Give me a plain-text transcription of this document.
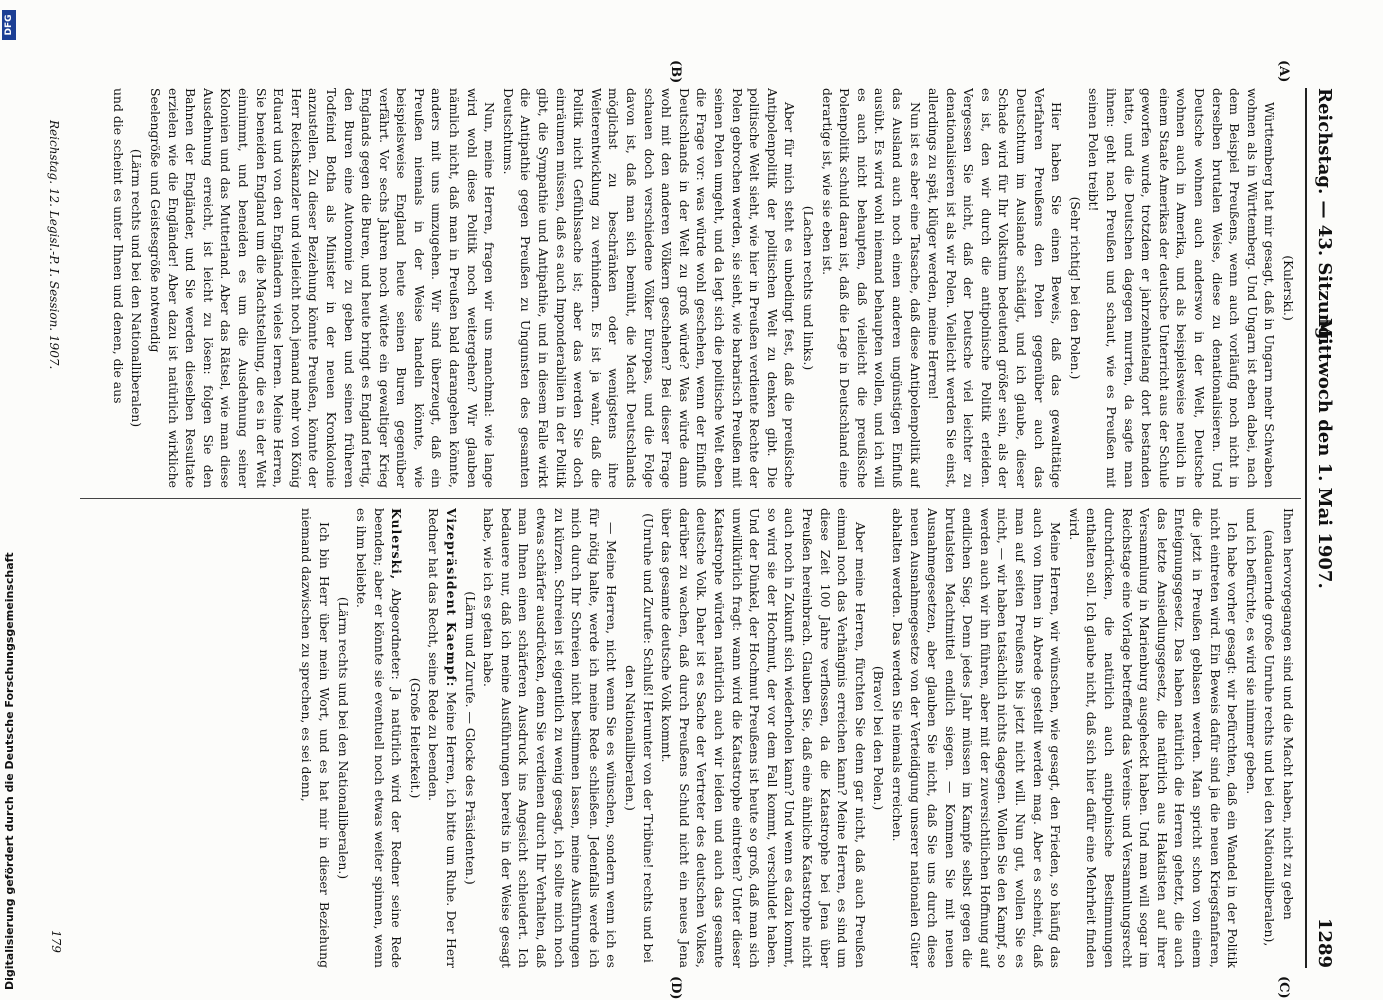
Reichstag. — 43. Sitzung.
Mittwoch den 1. Mai 1907.
1289
(A)
(B)
(C)
(D)

(Kulerski.)

Württemberg hat mir gesagt, daß in Ungarn mehr Schwaben wohnen als in Württemberg. Und Ungarn ist eben dabei, nach dem Beispiel Preußens, wenn auch vorläufig noch nicht in derselben brutalen Weise, diese zu denationalisieren. Und Deutsche wohnen auch anderswo in der Welt, Deutsche wohnen auch in Amerika, und als beispielsweise neulich in einem Staate Amerikas der deutsche Unterricht aus der Schule geworfen wurde, trotzdem er jahrzehntelang dort bestanden hatte, und die Deutschen dagegen murrten, da sagte man ihnen: geht nach Preußen und schaut, wie es Preußen mit seinen Polen treibt!

(Sehr richtig! bei den Polen.)

Hier haben Sie einen Beweis, daß das gewalttätige Verfahren Preußens den Polen gegenüber auch das Deutschtum im Auslande schädigt, und ich glaube, dieser Schade wird für Ihr Volkstum bedeutend größer sein, als der es ist, den wir durch die antipolnische Politik erleiden. Vergessen Sie nicht, daß der Deutsche viel leichter zu denationalisieren ist als wir Polen. Vielleicht werden Sie einst, allerdings zu spät, klüger werden, meine Herren!

Nun ist es aber eine Tatsache, daß diese Antipolenpolitik auf das Ausland auch noch einen anderen ungünstigen Einfluß ausübt. Es wird wohl niemand behaupten wollen, und ich will es auch nicht behaupten, daß vielleicht die preußische Polenpolitik schuld daran ist, daß die Lage in Deutschland eine derartige ist, wie sie eben ist.

(Lachen rechts und links.)

Aber für mich steht es unbedingt fest, daß die preußische Antipolenpolitik der politischen Welt zu denken gibt. Die politische Welt sieht, wie hier in Preußen verdiente Rechte der Polen gebrochen werden, sie sieht, wie barbarisch Preußen mit seinen Polen umgeht, und da legt sich die politische Welt eben die Frage vor: was würde wohl geschehen, wenn der Einfluß Deutschlands in der Welt zu groß würde? Was würde dann wohl mit den anderen Völkern geschehen? Bei dieser Frage schauen doch verschiedene Völker Europas, und die Folge davon ist, daß man sich bemüht, die Macht Deutschlands möglichst zu beschränken oder wenigstens ihre Weiterentwicklung zu verhindern. Es ist ja wahr, daß die Politik nicht Gefühlssache ist; aber das werden Sie doch einräumen müssen, daß es auch Imponderabilien in der Politik gibt, die Sympathie und Antipathie, und in diesem Falle wirkt die Antipathie gegen Preußen zu Ungunsten des gesamten Deutschtums.

Nun, meine Herren, fragen wir uns manchmal: wie lange wird wohl diese Politik noch weitergehen? Wir glauben nämlich nicht, daß man in Preußen bald darangehen könnte, anders mit uns umzugehen. Wir sind überzeugt, daß ein Preußen niemals in der Weise handeln könnte, wie beispielsweise England heute seinen Buren gegenüber verfährt. Vor sechs Jahren noch wütete ein gewaltiger Krieg Englands gegen die Buren, und heute bringt es England fertig, den Buren eine Autonomie zu geben und seinen früheren Todfeind Botha als Minister in der neuen Kronkolonie anzustellen. Zu dieser Beziehung könnte Preußen, könnte der Herr Reichskanzler und vielleicht noch jemand mehr von König Eduard und von den Engländern vieles lernen. Meine Herren, Sie beneiden England um die Machtstellung, die es in der Welt einnimmt, und beneiden es um die Ausdehnung seiner Kolonien und das Mutterland. Aber das Rätsel, wie man diese Ausdehnung erreicht, ist leicht zu lösen: folgen Sie den Bahnen der Engländer, und Sie werden dieselben Resultate erzielen wie die Engländer! Aber dazu ist natürlich wirkliche Seelengröße und Geistesgröße notwendig

(Lärm rechts und bei den Nationalliberalen)

und die scheint es unter Ihnen und denen, die aus

Ihnen hervorgegangen sind und die Macht haben, nicht zu geben

(andauernde große Unruhe rechts und bei den Nationalliberalen),

und ich befürchte, es wird sie nimmer geben.

Ich habe vorher gesagt: wir befürchten, daß ein Wandel in der Politik nicht eintreten wird. Ein Beweis dafür sind ja die neuen Kriegsfanfaren, die jetzt in Preußen geblasen werden. Man spricht schon von einem Enteignungsgesetz. Das haben natürlich die Herren gehetzt, die auch das letzte Ansiedlungsgesetz, die natürlich aus Hakatisten auf ihrer Versammlung in Marienburg ausgeheckt haben. Und man will sogar im Reichstage eine Vorlage betreffend das Vereins- und Versammlungsrecht durchdrücken, die natürlich auch antipolnische Bestimmungen enthalten soll. Ich glaube nicht, daß sich hier dafür eine Mehrheit finden wird.

Meine Herren, wir wünschen, wie gesagt, den Frieden, so häufig das auch von Ihnen in Abrede gestellt werden mag. Aber es scheint, daß man auf seiten Preußens bis jetzt nicht will. Nun gut, wollen Sie es nicht, — wir haben tatsächlich nichts dagegen. Wollen Sie den Kampf, so werden auch wir ihn führen, aber mit der zuversichtlichen Hoffnung auf endlichen Sieg. Denn jedes Jahr müssen im Kampfe selbst gegen die brutalsten Machtmittel endlich siegen. — Kommen Sie mit neuen Ausnahmegesetzen, aber glauben Sie nicht, daß Sie uns durch diese neuen Ausnahmegesetze von der Verteidigung unserer nationalen Güter abhalten werden. Das werden Sie niemals erreichen.

(Bravo! bei den Polen.)

Aber meine Herren, fürchten Sie denn gar nicht, daß auch Preußen einmal noch das Verhängnis erreichen kann? Meine Herren, es sind um diese Zeit 100 Jahre verflossen, da die Katastrophe bei Jena über Preußen hereinbrach. Glauben Sie, daß eine ähnliche Katastrophe nicht auch noch in Zukunft sich wiederholen kann? Und wenn es dazu kommt, so wird sie der Hochmut, der vor dem Fall kommt, verschuldet haben. Und der Dünkel, der Hochmut Preußens ist heute so groß, daß man sich unwillkürlich fragt: wann wird die Katastrophe eintreten? Unter dieser Katastrophe würden natürlich auch wir leiden und auch das gesamte deutsche Volk. Daher ist es Sache der Vertreter des deutschen Volkes, darüber zu wachen, daß durch Preußens Schuld nicht ein neues Jena über das gesamte deutsche Volk kommt.

(Unruhe und Zurufe: Schluß! Herunter von der Tribüne! rechts und bei den Nationalliberalen.)

— Meine Herren, nicht wenn Sie es wünschen, sondern wenn ich es für nötig halte, werde ich meine Rede schließen. Jedenfalls werde ich mich durch Ihr Schreien nicht bestimmen lassen, meine Ausführungen zu kürzen. Schreien ist eigentlich zu wenig gesagt, ich sollte mich noch etwas schärfer ausdrücken, denn Sie verdienen durch Ihr Verhalten, daß man Ihnen einen schärferen Ausdruck ins Angesicht schleudert. Ich bedauere nur, daß ich meine Ausführungen bereits in der Weise gesagt habe, wie ich es getan habe.

(Lärm und Zurufe. — Glocke des Präsidenten.)

Vizepräsident Kaempf: Meine Herren, ich bitte um Ruhe. Der Herr Redner hat das Recht, seine Rede zu beenden.

(Große Heiterkeit.)

Kulerski, Abgeordneter: Ja natürlich wird der Redner seine Rede beenden; aber er könnte sie eventuell noch etwas weiter spinnen, wenn es ihm beliebte.

(Lärm rechts und bei den Nationalliberalen.)

Ich bin Herr über mein Wort, und es hat mir in dieser Beziehung niemand dazwischen zu sprechen, es sei denn,

Reichstag. 12. Legisl.-P. I. Session. 1907.
179
Digitalisierung gefördert durch die Deutsche Forschungsgemeinschaft
DFG
